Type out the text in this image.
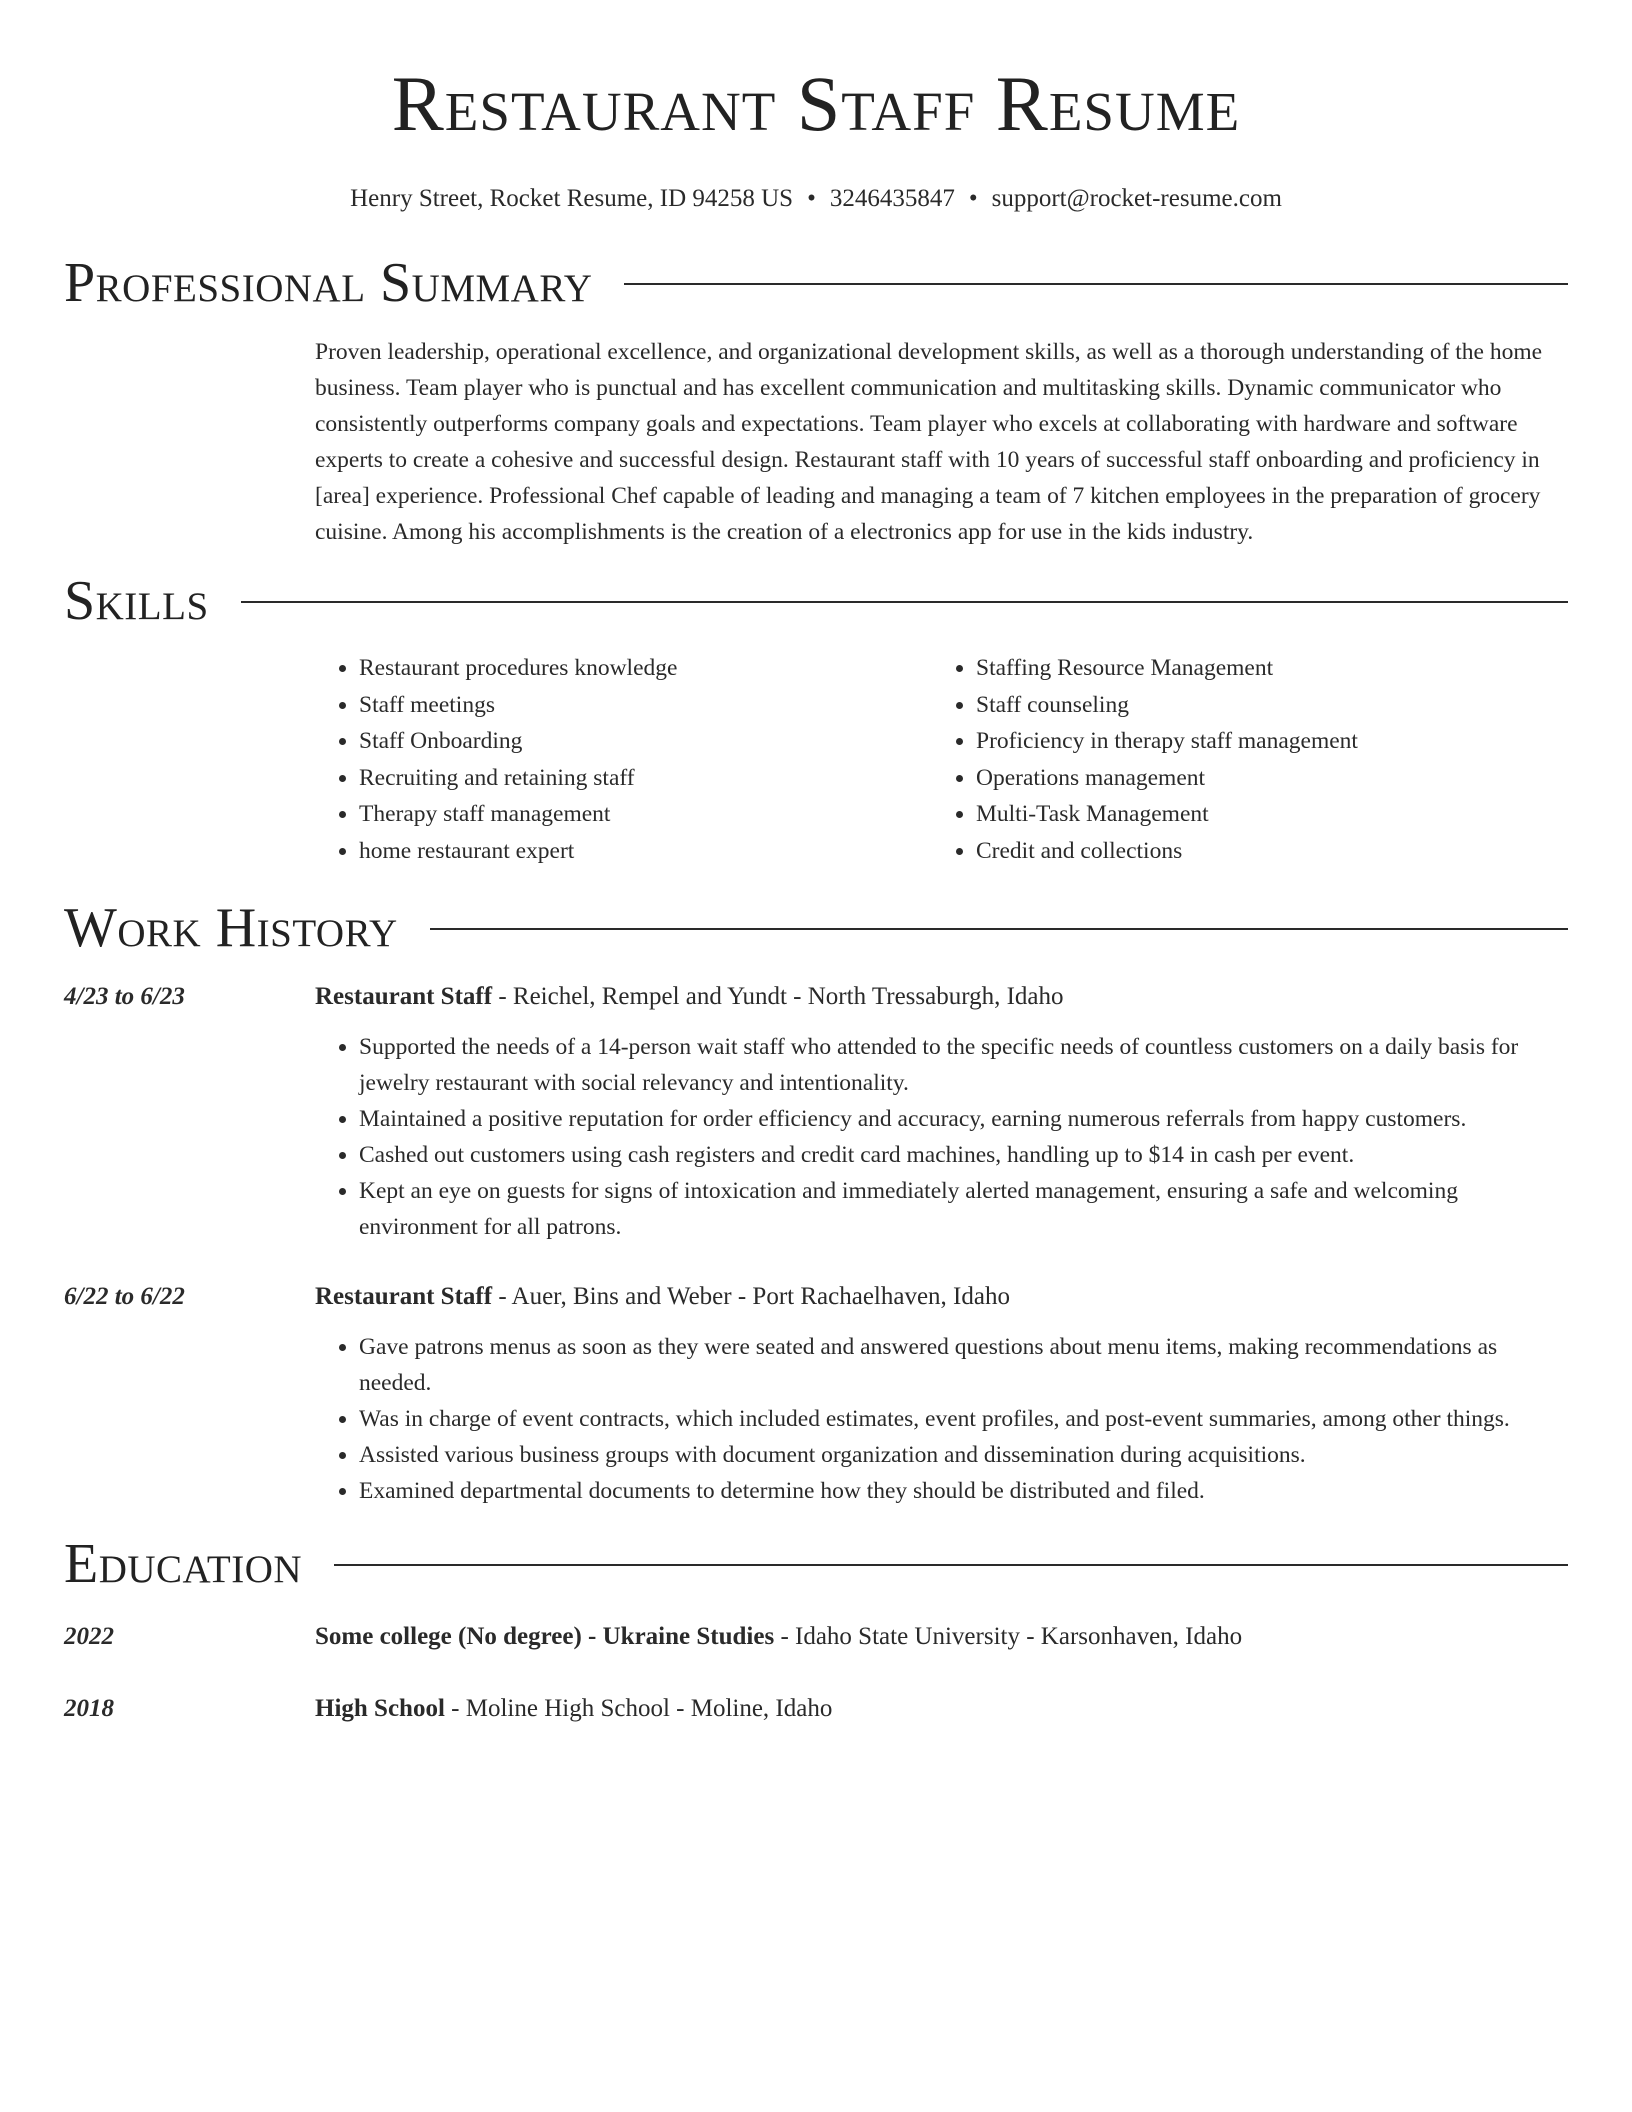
Restaurant Staff Resume
Henry Street, Rocket Resume, ID 94258 US • 3246435847 • support@rocket-resume.com
Professional Summary

Proven leadership, operational excellence, and organizational development skills, as well as a thorough understanding of the home business. Team player who is punctual and has excellent communication and multitasking skills. Dynamic communicator who consistently outperforms company goals and expectations. Team player who excels at collaborating with hardware and software experts to create a cohesive and successful design. Restaurant staff with 10 years of successful staff onboarding and proficiency in [area] experience. Professional Chef capable of leading and managing a team of 7 kitchen employees in the preparation of grocery cuisine. Among his accomplishments is the creation of a electronics app for use in the kids industry.

Skills
• Restaurant procedures knowledge
• Staff meetings
• Staff Onboarding
• Recruiting and retaining staff
• Therapy staff management
• home restaurant expert
• Staffing Resource Management
• Staff counseling
• Proficiency in therapy staff management
• Operations management
• Multi-Task Management
• Credit and collections
Work History
4/23 to 6/23	Restaurant Staff - Reichel, Rempel and Yundt - North Tressaburgh, Idaho
• Supported the needs of a 14-person wait staff who attended to the specific needs of countless customers on a daily basis for jewelry restaurant with social relevancy and intentionality.
• Maintained a positive reputation for order efficiency and accuracy, earning numerous referrals from happy customers.
• Cashed out customers using cash registers and credit card machines, handling up to $14 in cash per event.
• Kept an eye on guests for signs of intoxication and immediately alerted management, ensuring a safe and welcoming environment for all patrons.
6/22 to 6/22	Restaurant Staff - Auer, Bins and Weber - Port Rachaelhaven, Idaho
• Gave patrons menus as soon as they were seated and answered questions about menu items, making recommendations as needed.
• Was in charge of event contracts, which included estimates, event profiles, and post-event summaries, among other things.
• Assisted various business groups with document organization and dissemination during acquisitions.
• Examined departmental documents to determine how they should be distributed and filed.
Education
2022	Some college (No degree) - Ukraine Studies - Idaho State University - Karsonhaven, Idaho
2018	High School - Moline High School - Moline, Idaho
